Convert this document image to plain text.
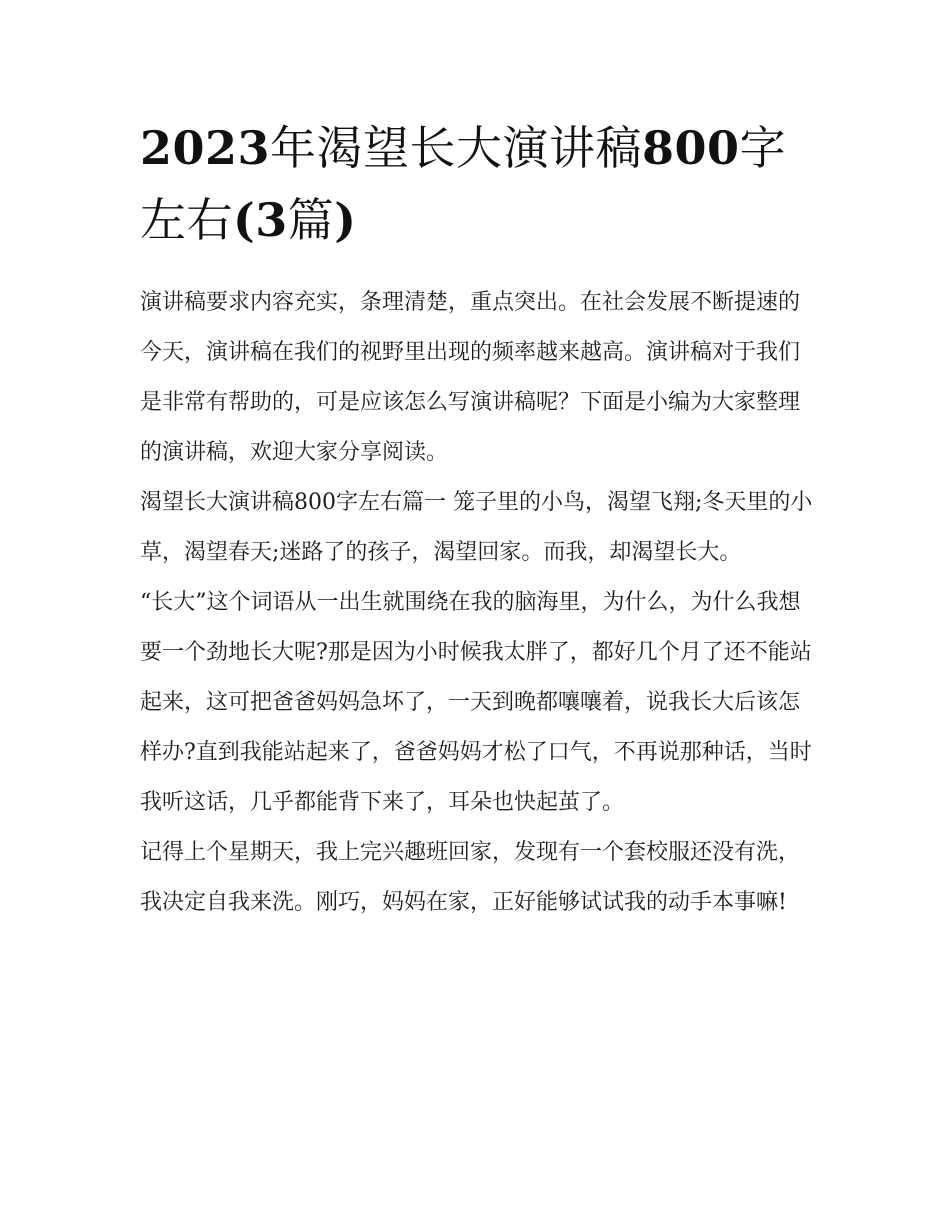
2023年渴望长大演讲稿800字左右(3篇)

演讲稿要求内容充实，条理清楚，重点突出。在社会发展不断提速的今天，演讲稿在我们的视野里出现的频率越来越高。演讲稿对于我们是非常有帮助的，可是应该怎么写演讲稿呢？下面是小编为大家整理的演讲稿，欢迎大家分享阅读。

渴望长大演讲稿800字左右篇一 笼子里的小鸟，渴望飞翔;冬天里的小草，渴望春天;迷路了的孩子，渴望回家。而我，却渴望长大。

“长大”这个词语从一出生就围绕在我的脑海里，为什么，为什么我想要一个劲地长大呢?那是因为小时候我太胖了，都好几个月了还不能站起来，这可把爸爸妈妈急坏了，一天到晚都嚷嚷着，说我长大后该怎样办?直到我能站起来了，爸爸妈妈才松了口气，不再说那种话，当时我听这话，几乎都能背下来了，耳朵也快起茧了。

记得上个星期天，我上完兴趣班回家，发现有一个套校服还没有洗，我决定自我来洗。刚巧，妈妈在家，正好能够试试我的动手本事嘛!
